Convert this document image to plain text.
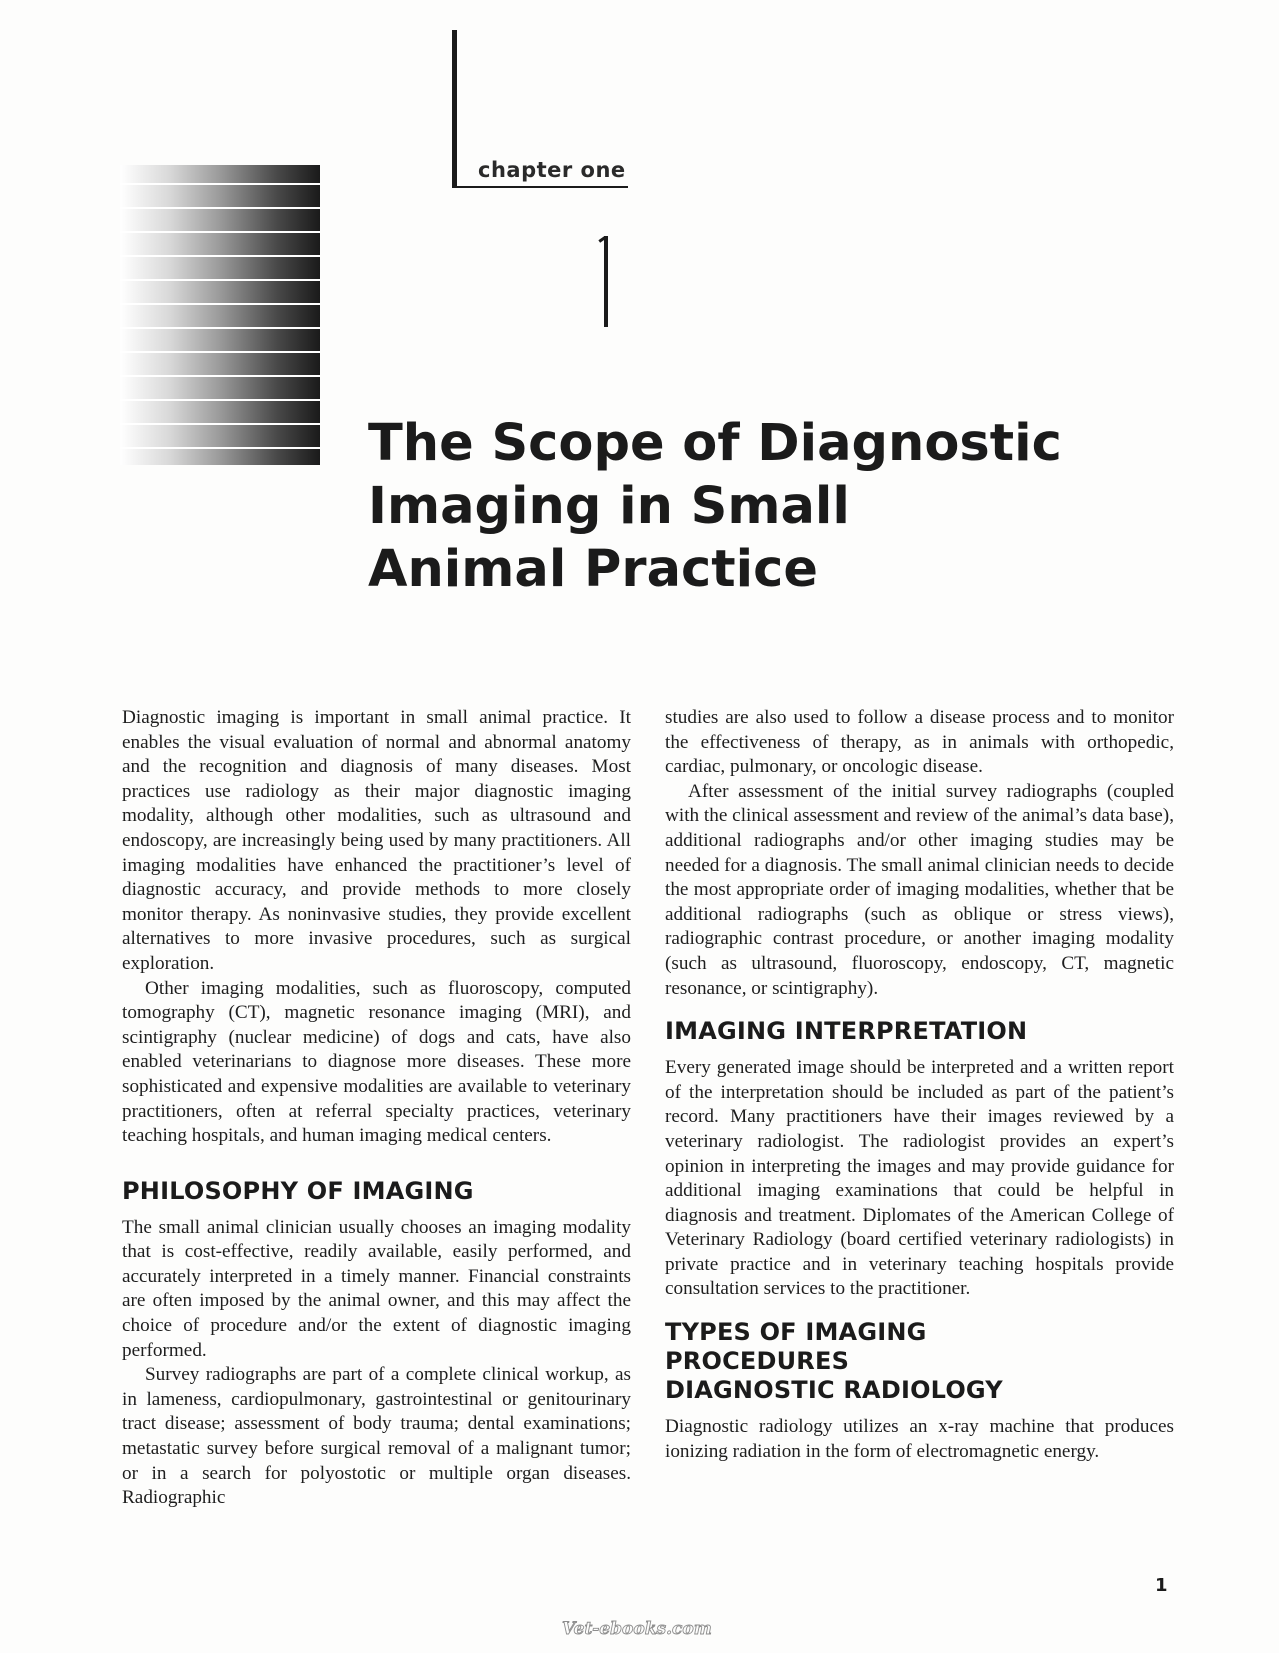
chapter one
The Scope of Diagnostic
Imaging in Small
Animal Practice

Diagnostic imaging is important in small animal practice. It enables the visual evaluation of normal and abnormal anatomy and the recognition and diagnosis of many diseases. Most practices use radiology as their major diagnostic imaging modality, although other modalities, such as ultrasound and endoscopy, are increasingly being used by many practitioners. All imaging modalities have enhanced the practitioner’s level of diagnostic accuracy, and provide methods to more closely monitor therapy. As noninvasive studies, they provide excellent alternatives to more invasive procedures, such as surgical exploration.

Other imaging modalities, such as fluoroscopy, computed tomography (CT), magnetic resonance imaging (MRI), and scintigraphy (nuclear medicine) of dogs and cats, have also enabled veterinarians to diagnose more diseases. These more sophisticated and expensive modalities are available to veterinary practitioners, often at referral specialty practices, veterinary teaching hospitals, and human imaging medical centers.

PHILOSOPHY OF IMAGING

The small animal clinician usually chooses an imaging modality that is cost-effective, readily available, easily performed, and accurately interpreted in a timely manner. Financial constraints are often imposed by the animal owner, and this may affect the choice of procedure and/or the extent of diagnostic imaging performed.

Survey radiographs are part of a complete clinical workup, as in lameness, cardiopulmonary, gastrointestinal or genitourinary tract disease; assessment of body trauma; dental examinations; metastatic survey before surgical removal of a malignant tumor; or in a search for polyostotic or multiple organ diseases. Radiographic

studies are also used to follow a disease process and to monitor the effectiveness of therapy, as in animals with orthopedic, cardiac, pulmonary, or oncologic disease.

After assessment of the initial survey radiographs (coupled with the clinical assessment and review of the animal’s data base), additional radiographs and/or other imaging studies may be needed for a diagnosis. The small animal clinician needs to decide the most appropriate order of imaging modalities, whether that be additional radiographs (such as oblique or stress views), radiographic contrast procedure, or another imaging modality (such as ultrasound, fluoroscopy, endoscopy, CT, magnetic resonance, or scintigraphy).

IMAGING INTERPRETATION

Every generated image should be interpreted and a written report of the interpretation should be included as part of the patient’s record. Many practitioners have their images reviewed by a veterinary radiologist. The radiologist provides an expert’s opinion in interpreting the images and may provide guidance for additional imaging examinations that could be helpful in diagnosis and treatment. Diplomates of the American College of Veterinary Radiology (board certified veterinary radiologists) in private practice and in veterinary teaching hospitals provide consultation services to the practitioner.

TYPES OF IMAGING
PROCEDURES
DIAGNOSTIC RADIOLOGY

Diagnostic radiology utilizes an x-ray machine that produces ionizing radiation in the form of electromagnetic energy.

1
Vet-ebooks.com
